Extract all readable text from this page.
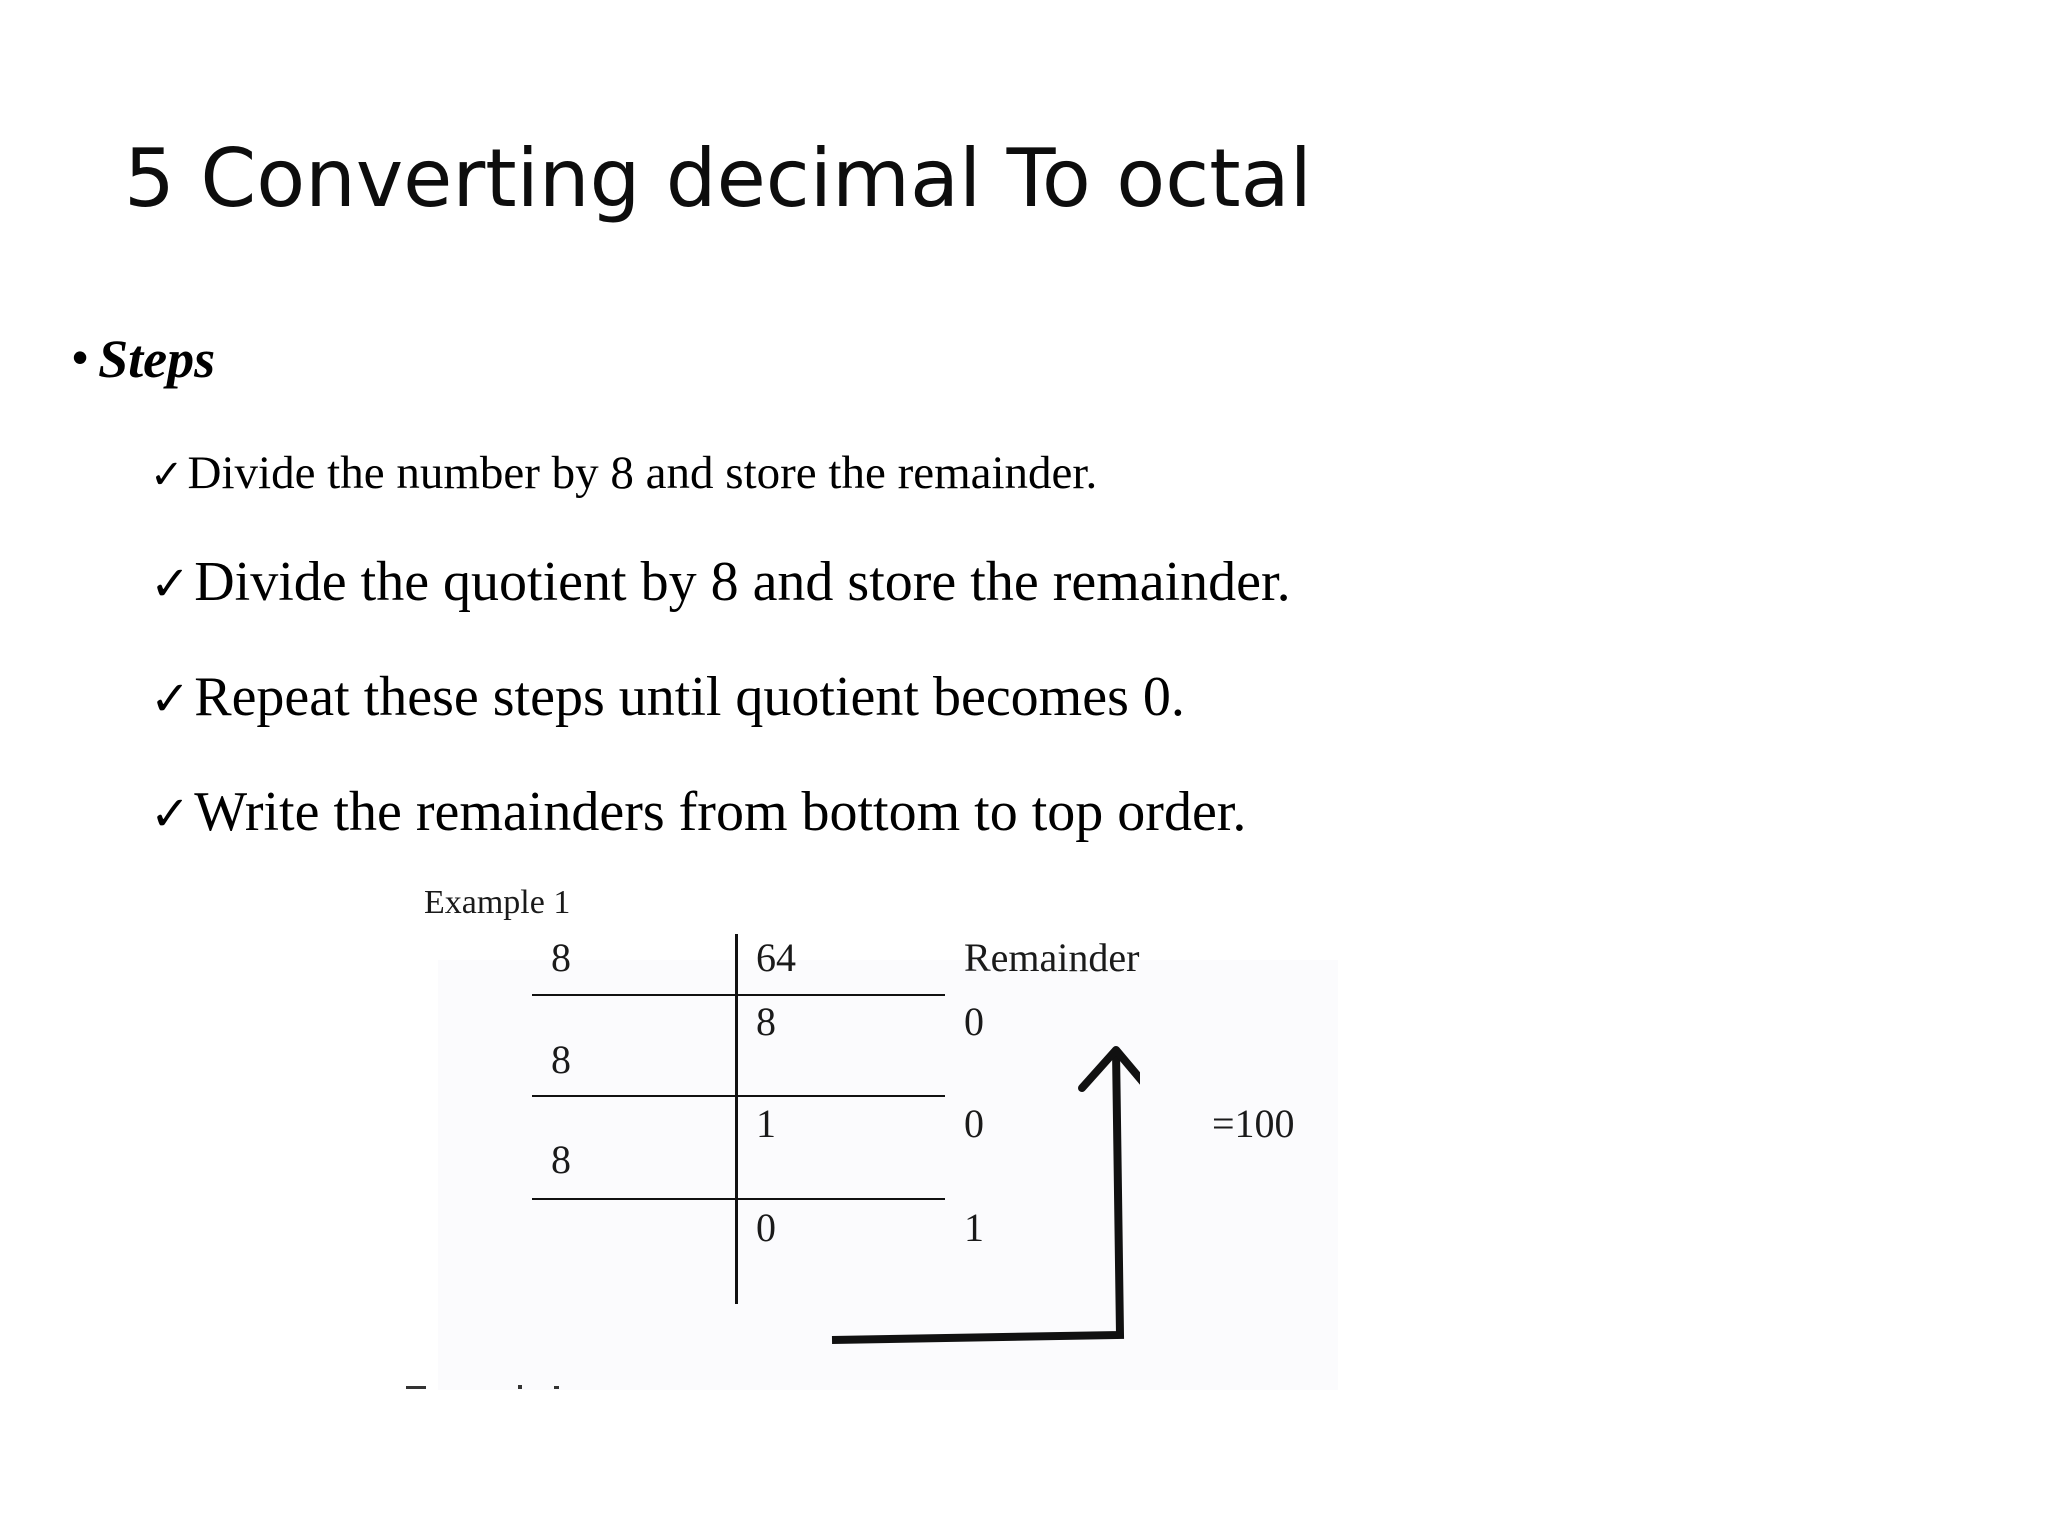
5 Converting decimal To octal
• Steps
✓Divide the number by 8 and store the remainder.
✓Divide the quotient by 8 and store the remainder.
✓Repeat these steps until quotient becomes 0.
✓Write the remainders from bottom to top order.
Example 1
8
8
8
64
8
1
0
Remainder
0
0
1
=100
